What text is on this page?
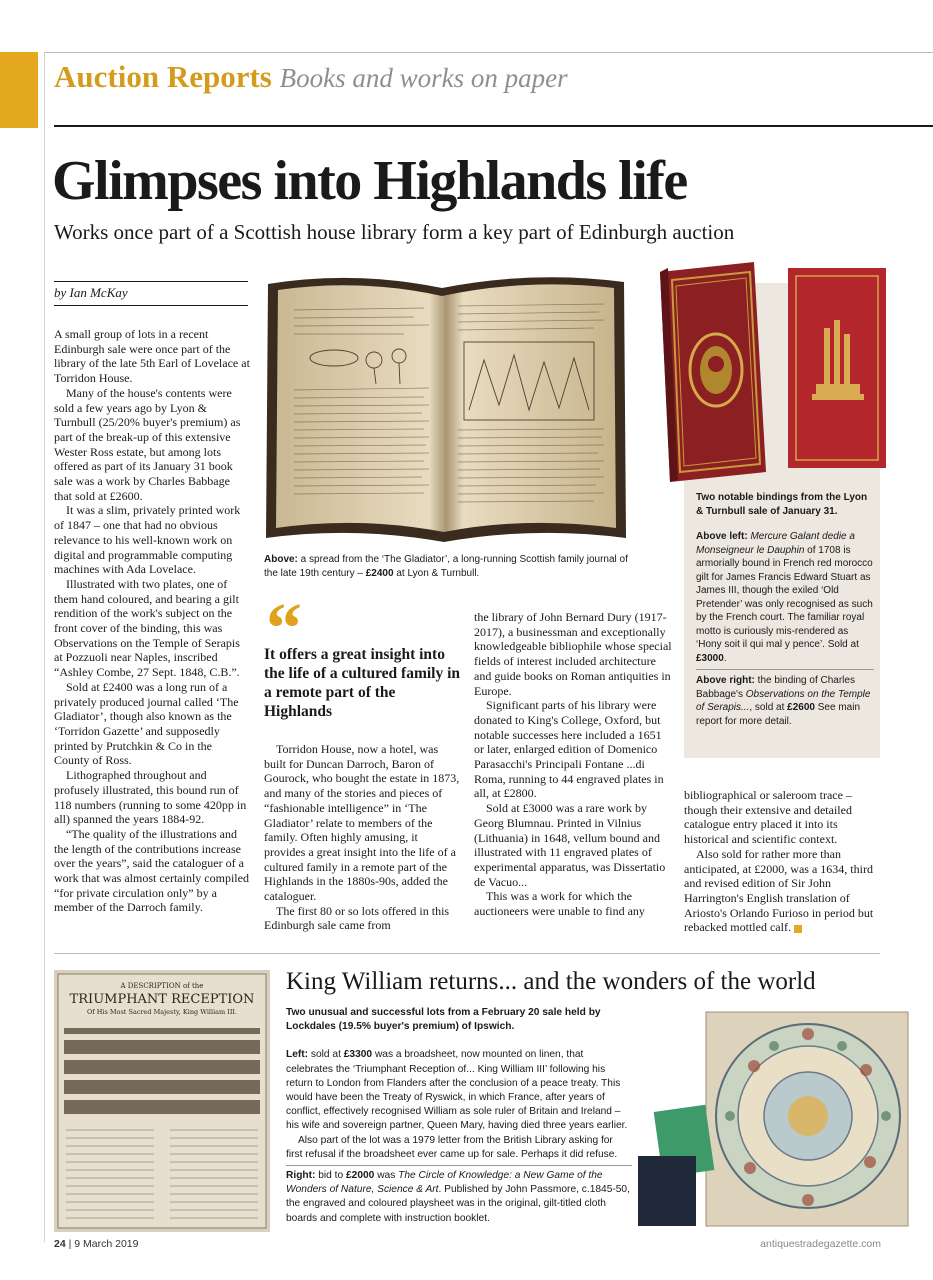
Auction Reports Books and works on paper
Glimpses into Highlands life
Works once part of a Scottish house library form a key part of Edinburgh auction
by Ian McKay

A small group of lots in a recent Edinburgh sale were once part of the library of the late 5th Earl of Lovelace at Torridon House.

Many of the house's contents were sold a few years ago by Lyon & Turnbull (25/20% buyer's premium) as part of the break-up of this extensive Wester Ross estate, but among lots offered as part of its January 31 book sale was a work by Charles Babbage that sold at £2600.

It was a slim, privately printed work of 1847 – one that had no obvious relevance to his well-known work on digital and programmable computing machines with Ada Lovelace.

Illustrated with two plates, one of them hand coloured, and bearing a gilt rendition of the work's subject on the front cover of the binding, this was Observations on the Temple of Serapis at Pozzuoli near Naples, inscribed “Ashley Combe, 27 Sept. 1848, C.B.”.

Sold at £2400 was a long run of a privately produced journal called ‘The Gladiator’, though also known as the ‘Torridon Gazette’ and supposedly printed by Prutchkin & Co in the County of Ross.

Lithographed throughout and profusely illustrated, this bound run of 118 numbers (running to some 420pp in all) spanned the years 1884-92.

“The quality of the illustrations and the length of the contributions increase over the years”, said the cataloguer of a work that was almost certainly compiled “for private circulation only” by a member of the Darroch family.

Above: a spread from the ‘The Gladiator’, a long-running Scottish family journal of the late 19th century – £2400 at Lyon & Turnbull.

Two notable bindings from the Lyon & Turnbull sale of January 31.

Above left: Mercure Galant dedie a Monseigneur le Dauphin of 1708 is armorially bound in French red morocco gilt for James Francis Edward Stuart as James III, though the exiled ‘Old Pretender’ was only recognised as such by the French court. The familiar royal motto is curiously mis-rendered as ‘Hony soit il qui mal y pence’. Sold at £3000.

Above right: the binding of Charles Babbage's Observations on the Temple of Serapis..., sold at £2600 See main report for more detail.

“
It offers a great insight into the life of a cultured family in a remote part of the Highlands

Torridon House, now a hotel, was built for Duncan Darroch, Baron of Gourock, who bought the estate in 1873, and many of the stories and pieces of “fashionable intelligence” in ‘The Gladiator’ relate to members of the family. Often highly amusing, it provides a great insight into the life of a cultured family in a remote part of the Highlands in the 1880s-90s, added the cataloguer.

The first 80 or so lots offered in this Edinburgh sale came from

the library of John Bernard Dury (1917-2017), a businessman and exceptionally knowledgeable bibliophile whose special fields of interest included architecture and guide books on Roman antiquities in Europe.

Significant parts of his library were donated to King's College, Oxford, but notable successes here included a 1651 or later, enlarged edition of Domenico Parasacchi's Principali Fontane ...di Roma, running to 44 engraved plates in all, at £2800.

Sold at £3000 was a rare work by Georg Blumnau. Printed in Vilnius (Lithuania) in 1648, vellum bound and illustrated with 11 engraved plates of experimental apparatus, was Dissertatio de Vacuo...

This was a work for which the auctioneers were unable to find any

bibliographical or saleroom trace – though their extensive and detailed catalogue entry placed it into its historical and scientific context.

Also sold for rather more than anticipated, at £2000, was a 1634, third and revised edition of Sir John Harrington's English translation of Ariosto's Orlando Furioso in period but rebacked mottled calf.

A DESCRIPTION of the
TRIUMPHANT RECEPTION
Of His Most Sacred Majesty, King William III.
King William returns... and the wonders of the world

Two unusual and successful lots from a February 20 sale held by Lockdales (19.5% buyer's premium) of Ipswich.

Left: sold at £3300 was a broadsheet, now mounted on linen, that celebrates the ‘Triumphant Reception of... King William III’ following his return to London from Flanders after the conclusion of a peace treaty. This would have been the Treaty of Ryswick, in which France, after years of conflict, effectively recognised William as sole ruler of Britain and Ireland – his wife and sovereign partner, Queen Mary, having died three years earlier.

Also part of the lot was a 1979 letter from the British Library asking for first refusal if the broadsheet ever came up for sale. Perhaps it did refuse.

Right: bid to £2000 was The Circle of Knowledge: a New Game of the Wonders of Nature, Science & Art. Published by John Passmore, c.1845-50, the engraved and coloured playsheet was in the original, gilt-titled cloth boards and complete with instruction booklet.

24 | 9 March 2019	antiquestradegazette.com
